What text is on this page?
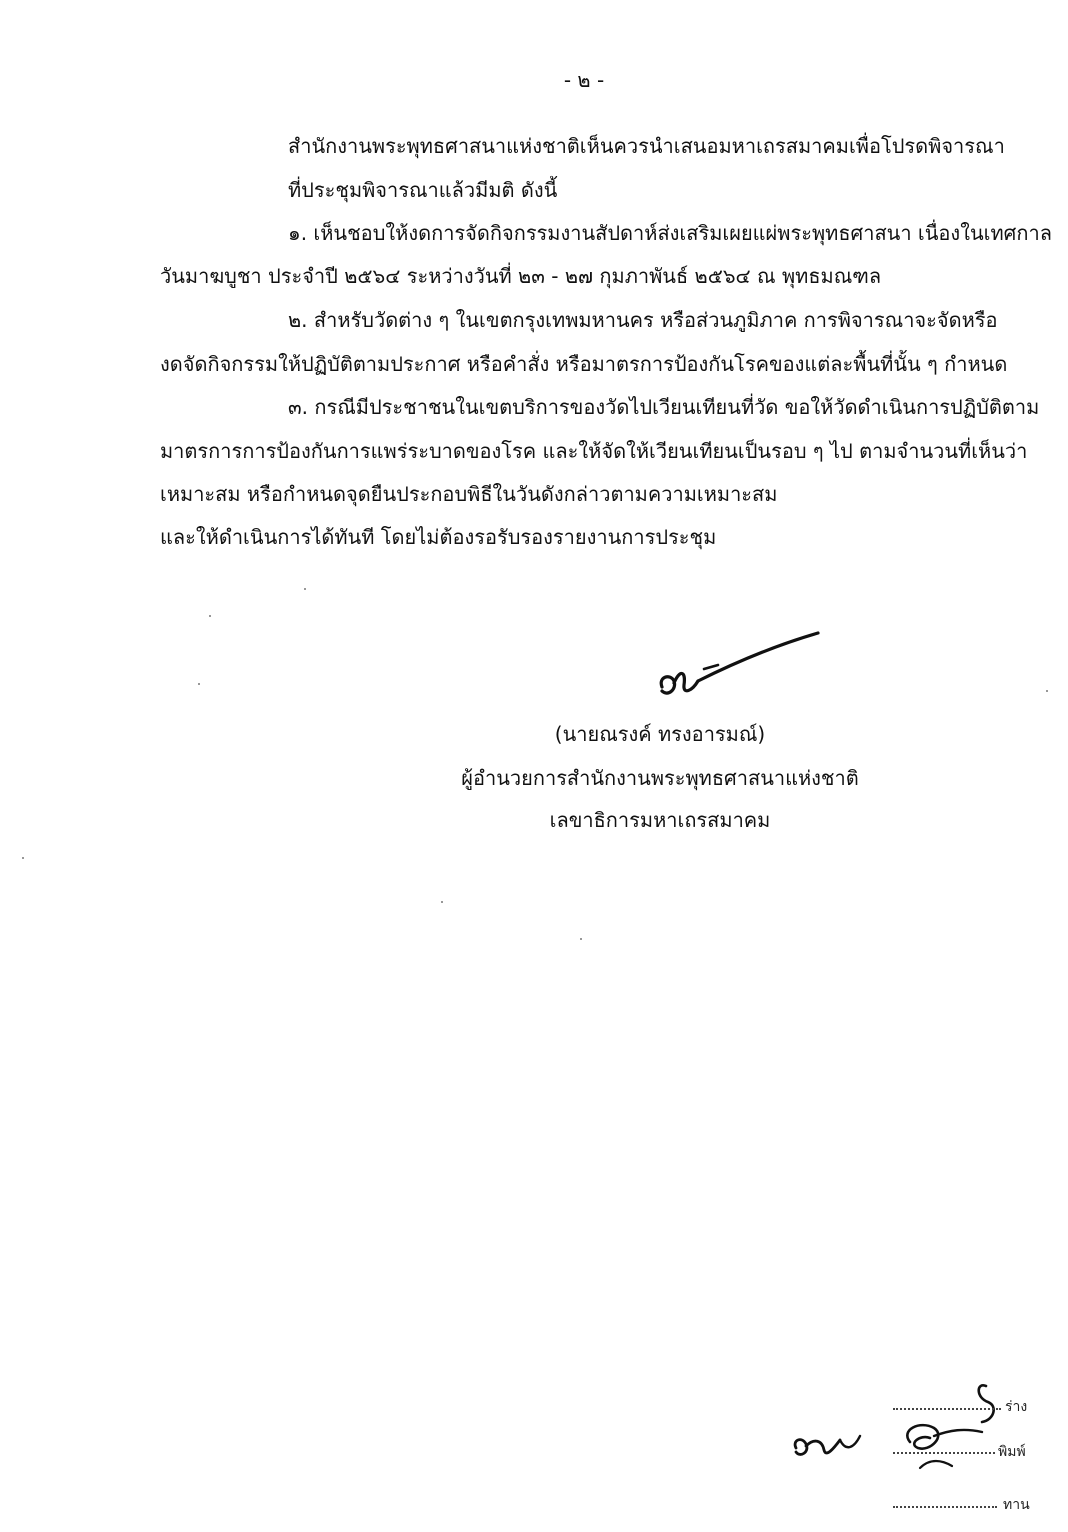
- ๒ -
สำนักงานพระพุทธศาสนาแห่งชาติเห็นควรนำเสนอมหาเถรสมาคมเพื่อโปรดพิจารณา
ที่ประชุมพิจารณาแล้วมีมติ ดังนี้
๑. เห็นชอบให้งดการจัดกิจกรรมงานสัปดาห์ส่งเสริมเผยแผ่พระพุทธศาสนา เนื่องในเทศกาล
วันมาฆบูชา ประจำปี ๒๕๖๔ ระหว่างวันที่ ๒๓ - ๒๗ กุมภาพันธ์ ๒๕๖๔ ณ พุทธมณฑล
๒. สำหรับวัดต่าง ๆ ในเขตกรุงเทพมหานคร หรือส่วนภูมิภาค การพิจารณาจะจัดหรือ
งดจัดกิจกรรมให้ปฏิบัติตามประกาศ หรือคำสั่ง หรือมาตรการป้องกันโรคของแต่ละพื้นที่นั้น ๆ กำหนด
๓. กรณีมีประชาชนในเขตบริการของวัดไปเวียนเทียนที่วัด ขอให้วัดดำเนินการปฏิบัติตาม
มาตรการการป้องกันการแพร่ระบาดของโรค และให้จัดให้เวียนเทียนเป็นรอบ ๆ ไป ตามจำนวนที่เห็นว่า
เหมาะสม หรือกำหนดจุดยืนประกอบพิธีในวันดังกล่าวตามความเหมาะสม
และให้ดำเนินการได้ทันที โดยไม่ต้องรอรับรองรายงานการประชุม
(นายณรงค์ ทรงอารมณ์)
ผู้อำนวยการสำนักงานพระพุทธศาสนาแห่งชาติ
เลขาธิการมหาเถรสมาคม
ร่าง
พิมพ์
ทาน
